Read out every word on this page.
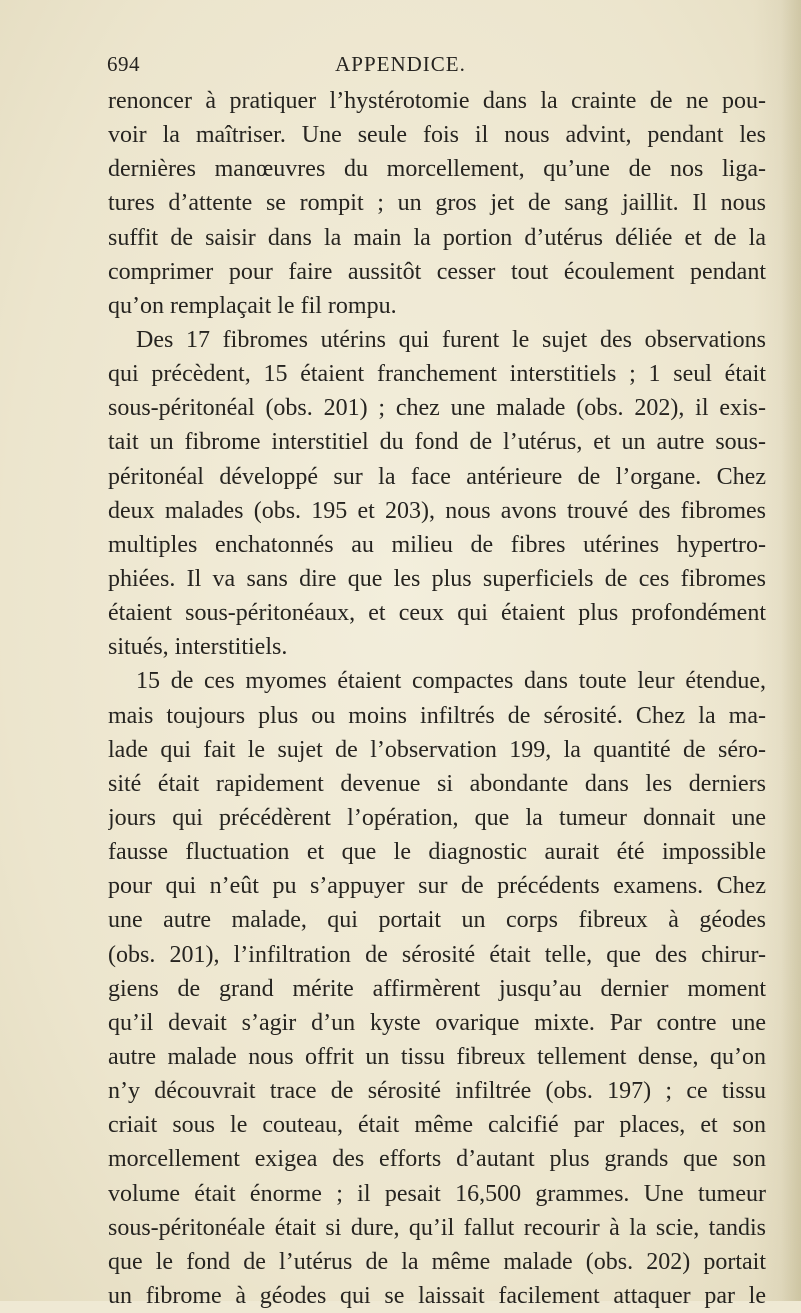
694	APPENDICE.
renoncer à pratiquer l’hystérotomie dans la crainte de ne pou-
voir la maîtriser. Une seule fois il nous advint, pendant les
dernières manœuvres du morcellement, qu’une de nos liga-
tures d’attente se rompit ; un gros jet de sang jaillit. Il nous
suffit de saisir dans la main la portion d’utérus déliée et de la
comprimer pour faire aussitôt cesser tout écoulement pendant
qu’on remplaçait le fil rompu.
Des 17 fibromes utérins qui furent le sujet des observations
qui précèdent, 15 étaient franchement interstitiels ; 1 seul était
sous-péritonéal (obs. 201) ; chez une malade (obs. 202), il exis-
tait un fibrome interstitiel du fond de l’utérus, et un autre sous-
péritonéal développé sur la face antérieure de l’organe. Chez
deux malades (obs. 195 et 203), nous avons trouvé des fibromes
multiples enchatonnés au milieu de fibres utérines hypertro-
phiées. Il va sans dire que les plus superficiels de ces fibromes
étaient sous-péritonéaux, et ceux qui étaient plus profondément
situés, interstitiels.
15 de ces myomes étaient compactes dans toute leur étendue,
mais toujours plus ou moins infiltrés de sérosité. Chez la ma-
lade qui fait le sujet de l’observation 199, la quantité de séro-
sité était rapidement devenue si abondante dans les derniers
jours qui précédèrent l’opération, que la tumeur donnait une
fausse fluctuation et que le diagnostic aurait été impossible
pour qui n’eût pu s’appuyer sur de précédents examens. Chez
une autre malade, qui portait un corps fibreux à géodes
(obs. 201), l’infiltration de sérosité était telle, que des chirur-
giens de grand mérite affirmèrent jusqu’au dernier moment
qu’il devait s’agir d’un kyste ovarique mixte. Par contre une
autre malade nous offrit un tissu fibreux tellement dense, qu’on
n’y découvrait trace de sérosité infiltrée (obs. 197) ; ce tissu
criait sous le couteau, était même calcifié par places, et son
morcellement exigea des efforts d’autant plus grands que son
volume était énorme ; il pesait 16,500 grammes. Une tumeur
sous-péritonéale était si dure, qu’il fallut recourir à la scie, tandis
que le fond de l’utérus de la même malade (obs. 202) portait
un fibrome à géodes qui se laissait facilement attaquer par le
